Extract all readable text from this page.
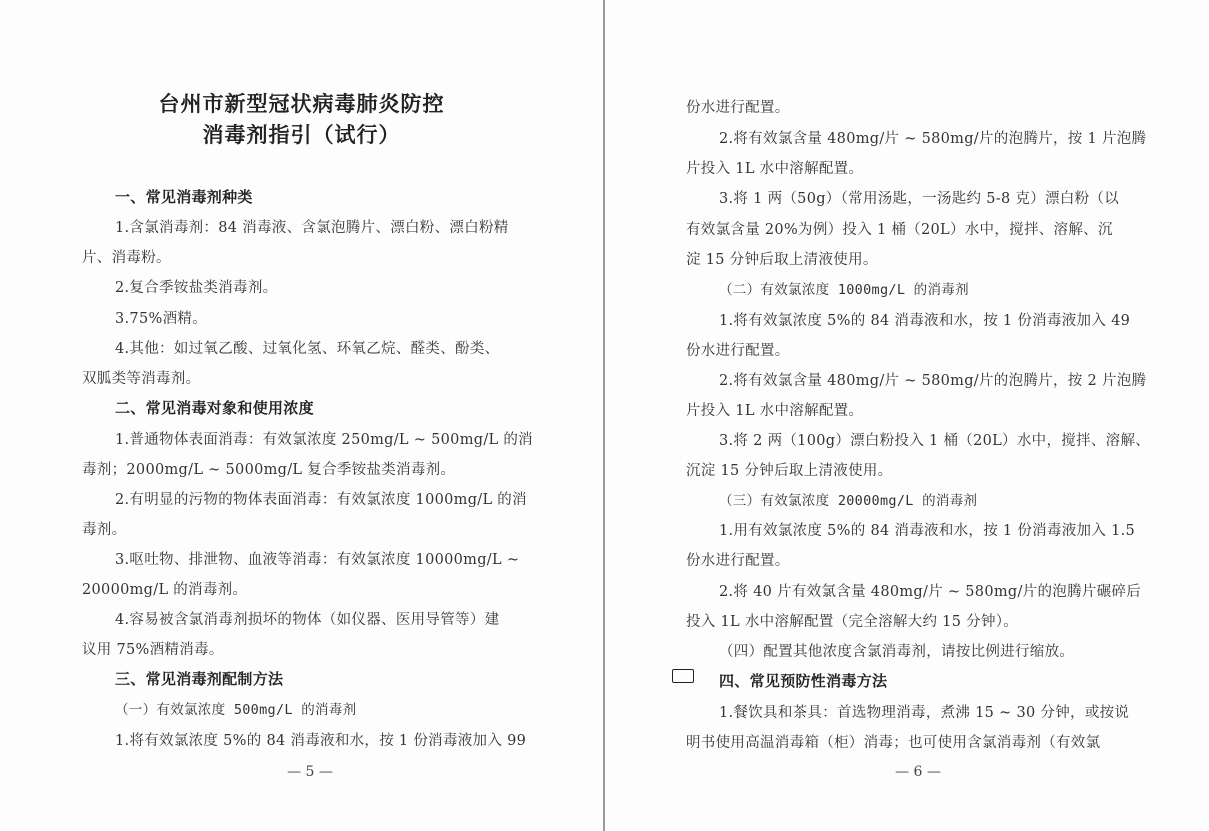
台州市新型冠状病毒肺炎防控
消毒剂指引（试行）
一、常见消毒剂种类
1.含氯消毒剂：84 消毒液、含氯泡腾片、漂白粉、漂白粉精
片、消毒粉。
2.复合季铵盐类消毒剂。
3.75%酒精。
4.其他：如过氧乙酸、过氧化氢、环氧乙烷、醛类、酚类、
双胍类等消毒剂。
二、常见消毒对象和使用浓度
1.普通物体表面消毒：有效氯浓度 250mg/L ~ 500mg/L 的消
毒剂；2000mg/L ~ 5000mg/L 复合季铵盐类消毒剂。
2.有明显的污物的物体表面消毒：有效氯浓度 1000mg/L 的消
毒剂。
3.呕吐物、排泄物、血液等消毒：有效氯浓度 10000mg/L ~
20000mg/L 的消毒剂。
4.容易被含氯消毒剂损坏的物体（如仪器、医用导管等）建
议用 75%酒精消毒。
三、常见消毒剂配制方法
（一）有效氯浓度 500mg/L 的消毒剂
1.将有效氯浓度 5%的 84 消毒液和水，按 1 份消毒液加入 99
— 5 —
份水进行配置。
2.将有效氯含量 480mg/片 ~ 580mg/片的泡腾片，按 1 片泡腾
片投入 1L 水中溶解配置。
3.将 1 两（50g）（常用汤匙，一汤匙约 5-8 克）漂白粉（以
有效氯含量 20%为例）投入 1 桶（20L）水中，搅拌、溶解、沉
淀 15 分钟后取上清液使用。
（二）有效氯浓度 1000mg/L 的消毒剂
1.将有效氯浓度 5%的 84 消毒液和水，按 1 份消毒液加入 49
份水进行配置。
2.将有效氯含量 480mg/片 ~ 580mg/片的泡腾片，按 2 片泡腾
片投入 1L 水中溶解配置。
3.将 2 两（100g）漂白粉投入 1 桶（20L）水中，搅拌、溶解、
沉淀 15 分钟后取上清液使用。
（三）有效氯浓度 20000mg/L 的消毒剂
1.用有效氯浓度 5%的 84 消毒液和水，按 1 份消毒液加入 1.5
份水进行配置。
2.将 40 片有效氯含量 480mg/片 ~ 580mg/片的泡腾片碾碎后
投入 1L 水中溶解配置（完全溶解大约 15 分钟）。
（四）配置其他浓度含氯消毒剂，请按比例进行缩放。
四、常见预防性消毒方法
1.餐饮具和茶具：首选物理消毒，煮沸 15 ~ 30 分钟，或按说
明书使用高温消毒箱（柜）消毒；也可使用含氯消毒剂（有效氯
— 6 —
